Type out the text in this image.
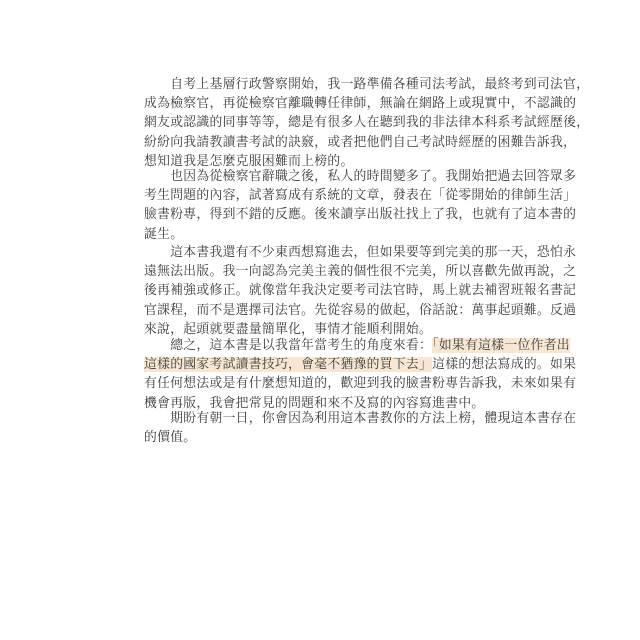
　　自考上基層行政警察開始，我一路準備各種司法考試，最終考到司法官，
成為檢察官，再從檢察官離職轉任律師，無論在網路上或現實中，不認識的
網友或認識的同事等等，總是有很多人在聽到我的非法律本科系考試經歷後，
紛紛向我請教讀書考試的訣竅，或者把他們自己考試時經歷的困難告訴我，
想知道我是怎麼克服困難而上榜的。
　　也因為從檢察官辭職之後，私人的時間變多了。我開始把過去回答眾多
考生問題的內容，試著寫成有系統的文章，發表在「從零開始的律師生活」
臉書粉專，得到不錯的反應。後來讀享出版社找上了我，也就有了這本書的
誕生。
　　這本書我還有不少東西想寫進去，但如果要等到完美的那一天，恐怕永
遠無法出版。我一向認為完美主義的個性很不完美，所以喜歡先做再說，之
後再補強或修正。就像當年我決定要考司法官時，馬上就去補習班報名書記
官課程，而不是選擇司法官。先從容易的做起，俗話說：萬事起頭難。反過
來說，起頭就要盡量簡單化，事情才能順利開始。
　　總之，這本書是以我當年當考生的角度來看：「如果有這樣一位作者出
這樣的國家考試讀書技巧，會毫不猶豫的買下去」這樣的想法寫成的。如果
有任何想法或是有什麼想知道的，歡迎到我的臉書粉專告訴我，未來如果有
機會再版，我會把常見的問題和來不及寫的內容寫進書中。
　　期盼有朝一日，你會因為利用這本書教你的方法上榜，體現這本書存在
的價值。
